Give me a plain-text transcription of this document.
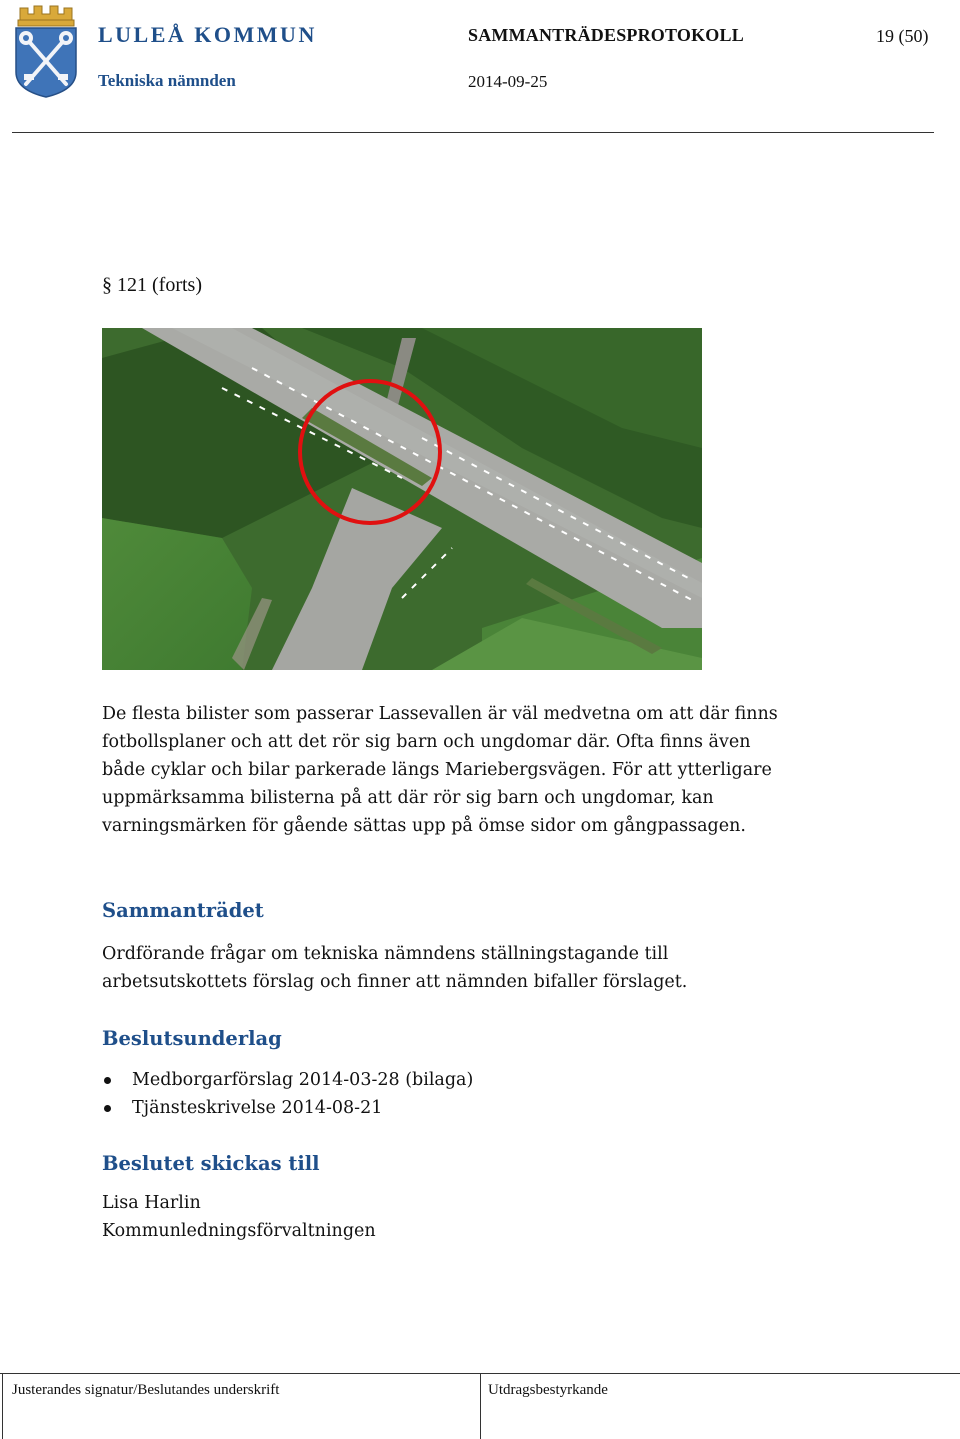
LULEÅ KOMMUN
Tekniska nämnden
SAMMANTRÄDESPROTOKOLL	19 (50)
2014-09-25
§ 121 (forts)

De flesta bilister som passerar Lassevallen är väl medvetna om att där finns fotbollsplaner och att det rör sig barn och ungdomar där. Ofta finns även både cyklar och bilar parkerade längs Mariebergsvägen. För att ytterligare uppmärksamma bilisterna på att där rör sig barn och ungdomar, kan varningsmärken för gående sättas upp på ömse sidor om gångpassagen.

Sammanträdet

Ordförande frågar om tekniska nämndens ställningstagande till arbetsutskottets förslag och finner att nämnden bifaller förslaget.

Beslutsunderlag
Medborgarförslag 2014-03-28 (bilaga)
Tjänsteskrivelse 2014-08-21
Beslutet skickas till
Lisa Harlin
Kommunledningsförvaltningen
Justerandes signatur/Beslutandes underskrift	Utdragsbestyrkande
